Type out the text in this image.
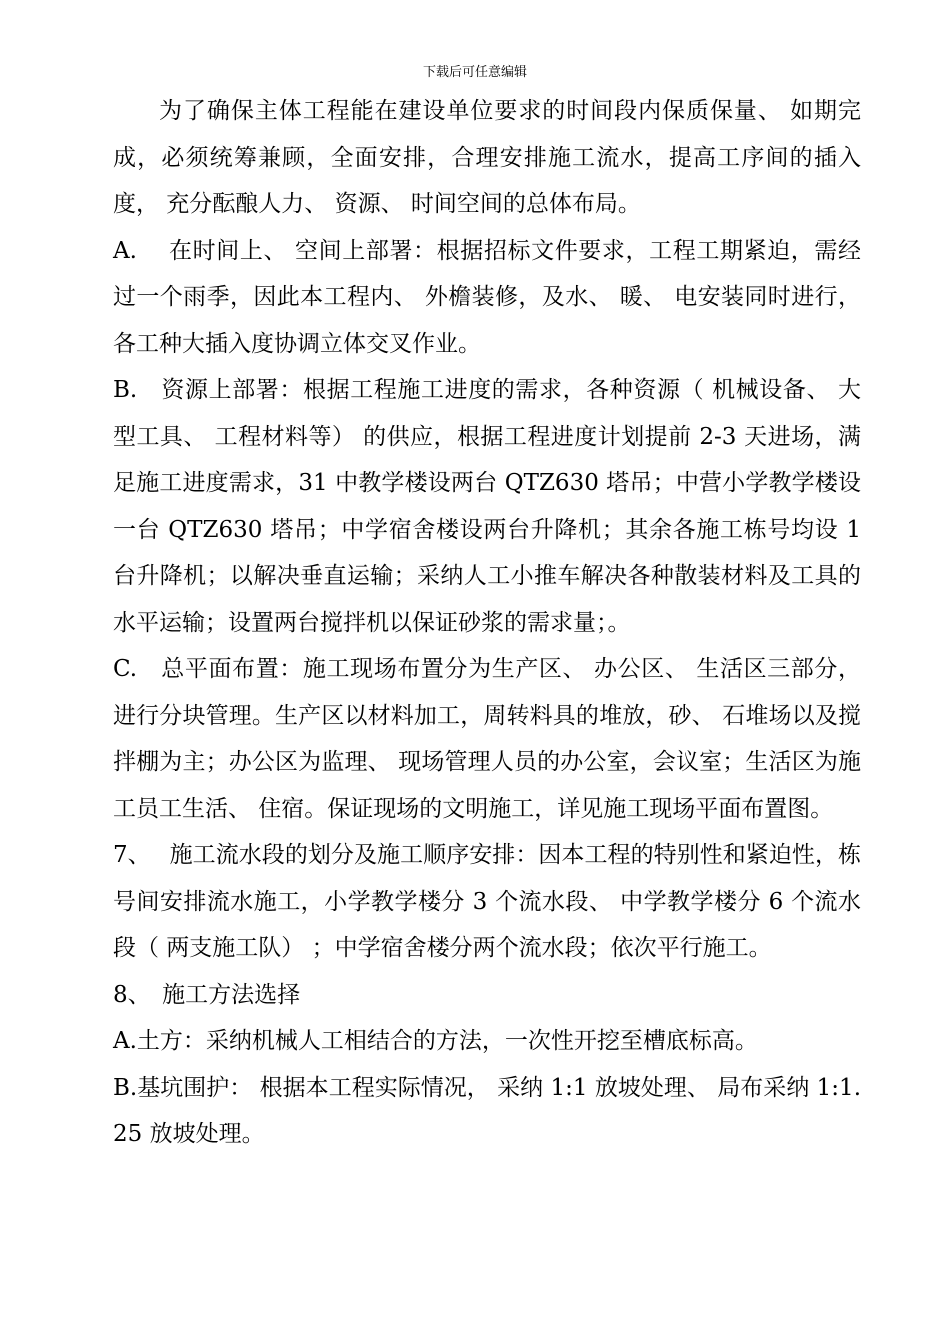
下载后可任意编辑

为了确保主体工程能在建设单位要求的时间段内保质保量、 如期完成，必须统筹兼顾，全面安排，合理安排施工流水，提高工序间的插入度， 充分酝酿人力、 资源、 时间空间的总体布局。

A.　 在时间上、 空间上部署：根据招标文件要求，工程工期紧迫，需经过一个雨季，因此本工程内、 外檐装修，及水、 暖、 电安装同时进行，各工种大插入度协调立体交叉作业。

B.　资源上部署：根据工程施工进度的需求，各种资源（ 机械设备、 大型工具、 工程材料等） 的供应，根据工程进度计划提前 2-3 天进场，满足施工进度需求，31 中教学楼设两台 QTZ630 塔吊；中营小学教学楼设一台 QTZ630 塔吊；中学宿舍楼设两台升降机；其余各施工栋号均设 1 台升降机；以解决垂直运输；采纳人工小推车解决各种散装材料及工具的水平运输；设置两台搅拌机以保证砂浆的需求量；。

C.　总平面布置：施工现场布置分为生产区、 办公区、 生活区三部分，进行分块管理。生产区以材料加工，周转料具的堆放，砂、 石堆场以及搅拌棚为主；办公区为监理、 现场管理人员的办公室，会议室；生活区为施工员工生活、 住宿。保证现场的文明施工，详见施工现场平面布置图。

7、　 施工流水段的划分及施工顺序安排：因本工程的特别性和紧迫性，栋号间安排流水施工，小学教学楼分 3 个流水段、 中学教学楼分 6 个流水段（ 两支施工队） ；中学宿舍楼分两个流水段；依次平行施工。

8、　施工方法选择

A.土方：采纳机械人工相结合的方法，一次性开挖至槽底标高。

B.基坑围护： 根据本工程实际情况， 采纳 1:1 放坡处理、 局布采纳 1:1.25 放坡处理。
